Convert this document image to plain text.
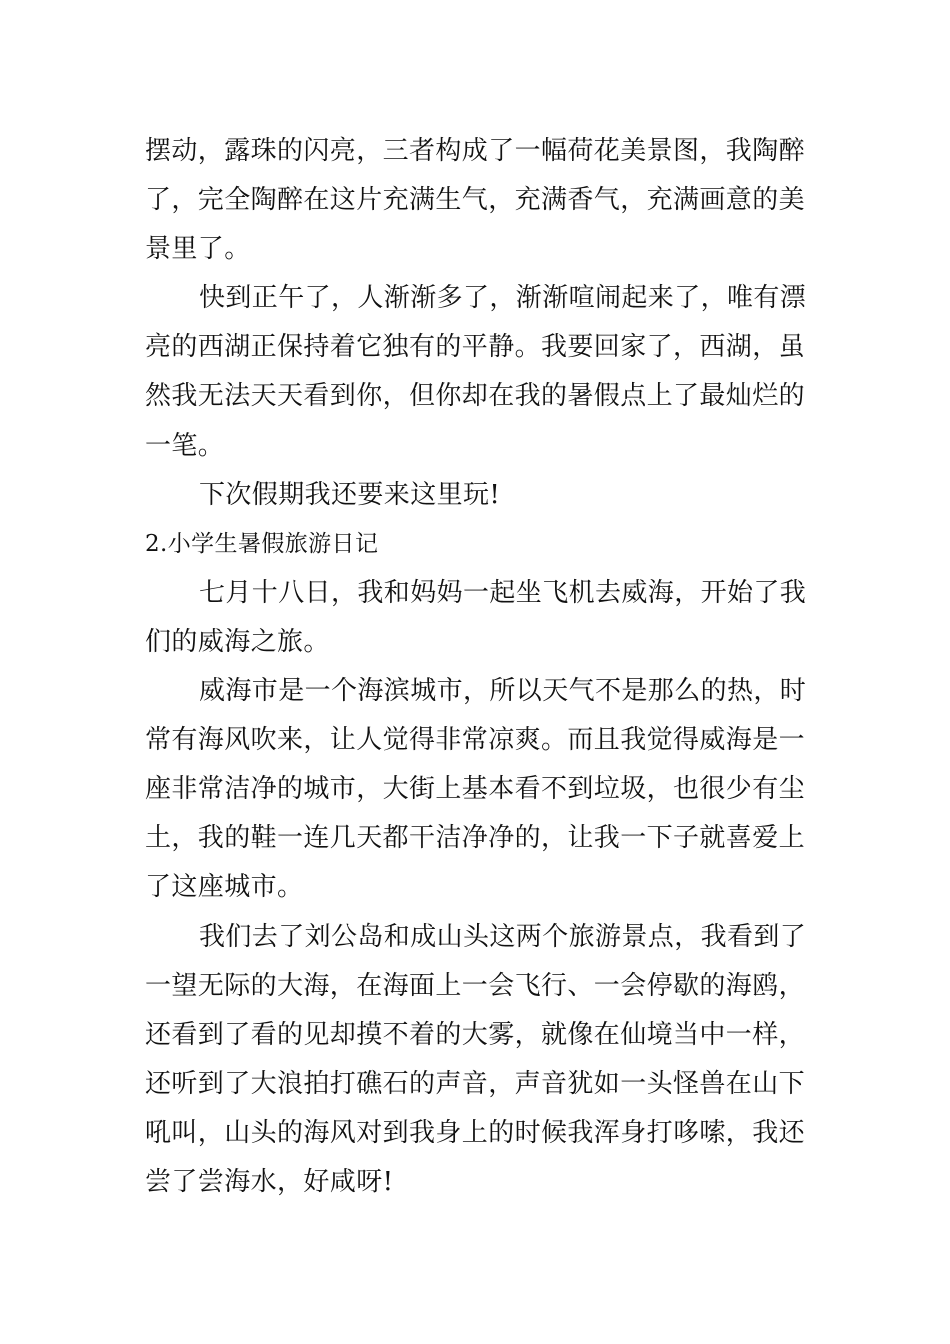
摆动，露珠的闪亮，三者构成了一幅荷花美景图，我陶醉
了，完全陶醉在这片充满生气，充满香气，充满画意的美
景里了。
快到正午了，人渐渐多了，渐渐喧闹起来了，唯有漂
亮的西湖正保持着它独有的平静。我要回家了，西湖，虽
然我无法天天看到你，但你却在我的暑假点上了最灿烂的
一笔。
下次假期我还要来这里玩!
2.小学生暑假旅游日记
七月十八日，我和妈妈一起坐飞机去威海，开始了我
们的威海之旅。
威海市是一个海滨城市，所以天气不是那么的热，时
常有海风吹来，让人觉得非常凉爽。而且我觉得威海是一
座非常洁净的城市，大街上基本看不到垃圾，也很少有尘
土，我的鞋一连几天都干洁净净的，让我一下子就喜爱上
了这座城市。
我们去了刘公岛和成山头这两个旅游景点，我看到了
一望无际的大海，在海面上一会飞行、一会停歇的海鸥，
还看到了看的见却摸不着的大雾，就像在仙境当中一样，
还听到了大浪拍打礁石的声音，声音犹如一头怪兽在山下
吼叫，山头的海风对到我身上的时候我浑身打哆嗦，我还
尝了尝海水，好咸呀!
